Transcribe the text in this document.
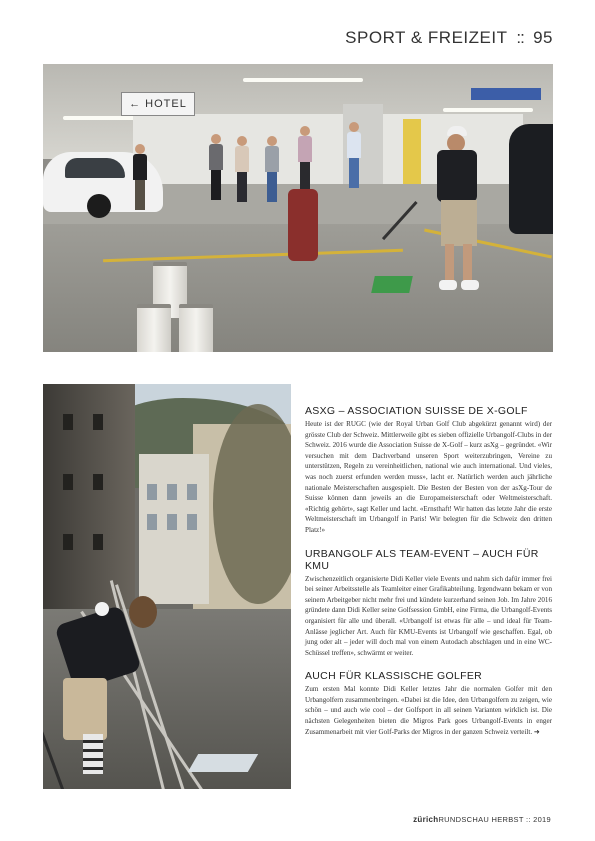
SPORT & FREIZEIT :: 95
← HOTEL
ASXG – ASSOCIATION SUISSE DE X-GOLF

Heute ist der RUGC (wie der Royal Urban Golf Club abgekürzt genannt wird) der grösste Club der Schweiz. Mittlerweile gibt es sieben offizielle Urbangolf-Clubs in der Schweiz. 2016 wurde die Association Suisse de X-Golf – kurz asXg – gegründet. «Wir versuchen mit dem Dachverband unseren Sport weiterzubringen, Vereine zu unterstützen, Regeln zu vereinheitlichen, national wie auch international. Und vieles, was noch zuerst erfunden werden muss», lacht er. Natürlich werden auch jährliche nationale Meisterschaften ausgespielt. Die Besten der Besten von der asXg-Tour de Suisse können dann jeweils an die Europameisterschaft oder Weltmeisterschaft. «Richtig gehört», sagt Keller und lacht. «Ernsthaft! Wir hatten das letzte Jahr die erste Weltmeisterschaft im Urbangolf in Paris! Wir belegten für die Schweiz den dritten Platz!»

URBANGOLF ALS TEAM-EVENT – AUCH FÜR KMU

Zwischenzeitlich organisierte Didi Keller viele Events und nahm sich dafür immer frei bei seiner Arbeitsstelle als Teamleiter einer Grafikabteilung. Irgendwann bekam er von seinem Arbeitgeber nicht mehr frei und kündete kurzerhand seinen Job. Im Jahre 2016 gründete dann Didi Keller seine Golfsession GmbH, eine Firma, die Urbangolf-Events organisiert für alle und überall. «Urbangolf ist etwas für alle – und ideal für Team-Anlässe jeglicher Art. Auch für KMU-Events ist Urbangolf wie geschaffen. Egal, ob jung oder alt – jeder will doch mal von einem Autodach abschlagen und in eine WC-Schüssel treffen», schwärmt er weiter.

AUCH FÜR KLASSISCHE GOLFER

Zum ersten Mal konnte Didi Keller letztes Jahr die normalen Golfer mit den Urbangolfern zusammenbringen. «Dabei ist die Idee, den Urbangolfern zu zeigen, wie schön – und auch wie cool – der Golfsport in all seinen Varianten wirklich ist. Die nächsten Gelegenheiten bieten die Migros Park goes Urbangolf-Events in enger Zusammenarbeit mit vier Golf-Parks der Migros in der ganzen Schweiz verteilt. ➜

zürichRUNDSCHAU HERBST :: 2019
